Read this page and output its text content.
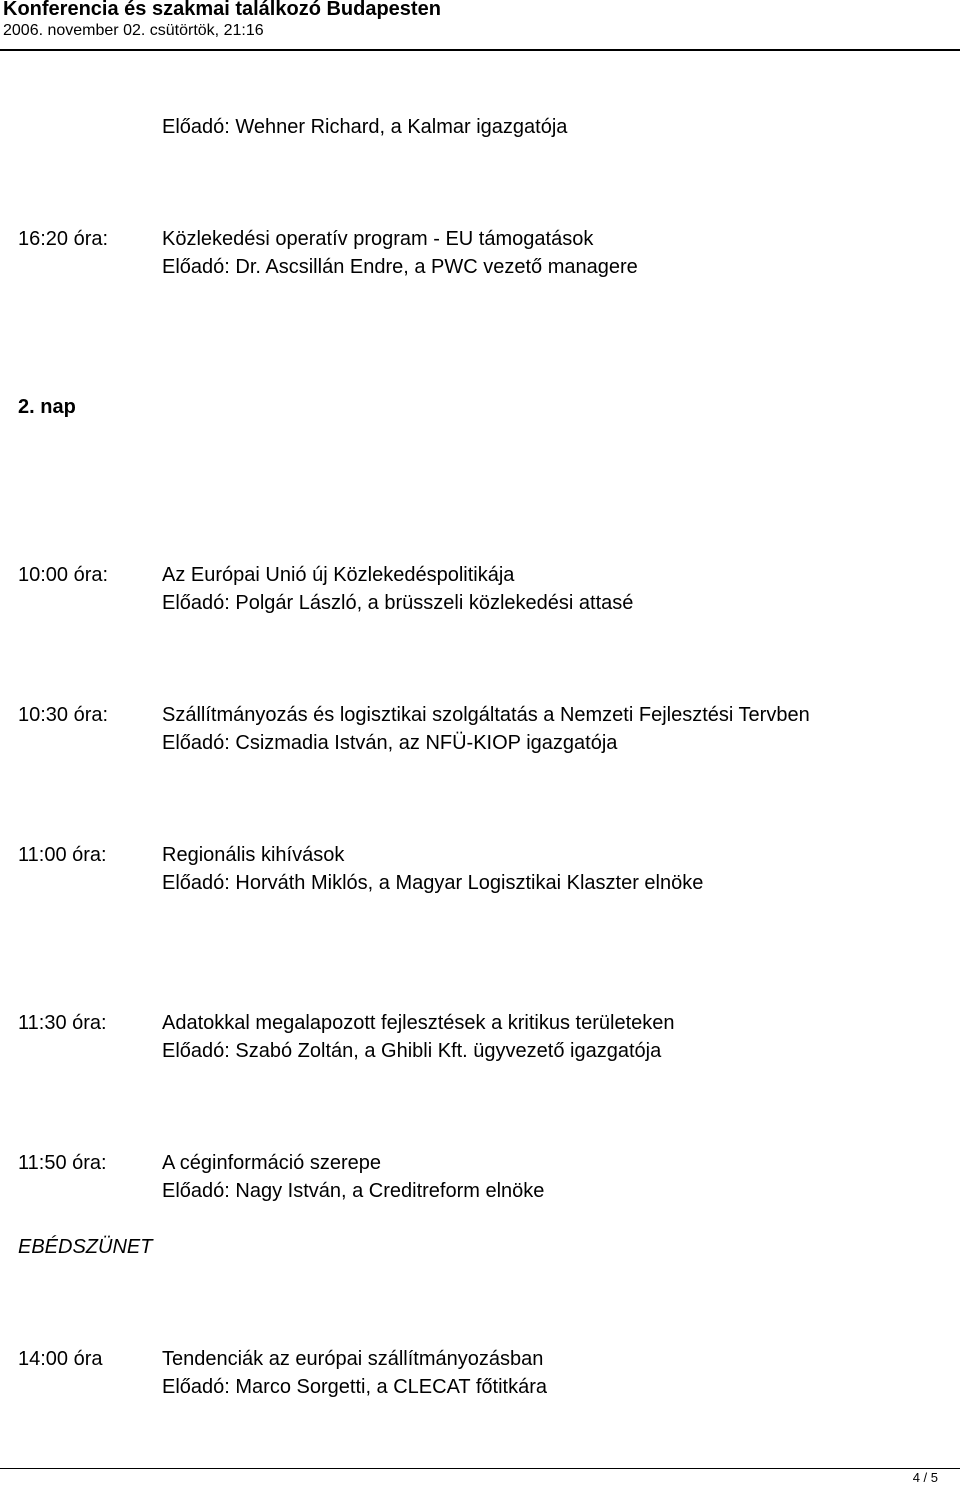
Konferencia és szakmai találkozó Budapesten
2006. november 02. csütörtök, 21:16
Előadó: Wehner Richard, a Kalmar igazgatója
16:20 óra:	Közlekedési operatív program - EU támogatások
Előadó: Dr. Ascsillán Endre, a PWC vezető managere
2. nap
10:00 óra:	Az Európai Unió új Közlekedéspolitikája
Előadó: Polgár László, a brüsszeli közlekedési attasé
10:30 óra:	Szállítmányozás és logisztikai szolgáltatás a Nemzeti Fejlesztési Tervben
Előadó: Csizmadia István, az NFÜ-KIOP igazgatója
11:00 óra:	Regionális kihívások
Előadó: Horváth Miklós, a Magyar Logisztikai Klaszter elnöke
11:30 óra:	Adatokkal megalapozott fejlesztések a kritikus területeken
Előadó: Szabó Zoltán, a Ghibli Kft. ügyvezető igazgatója
11:50 óra:	A céginformáció szerepe
Előadó: Nagy István, a Creditreform elnöke
EBÉDSZÜNET
14:00 óra	Tendenciák az európai szállítmányozásban
Előadó: Marco Sorgetti, a CLECAT főtitkára
4 / 5
